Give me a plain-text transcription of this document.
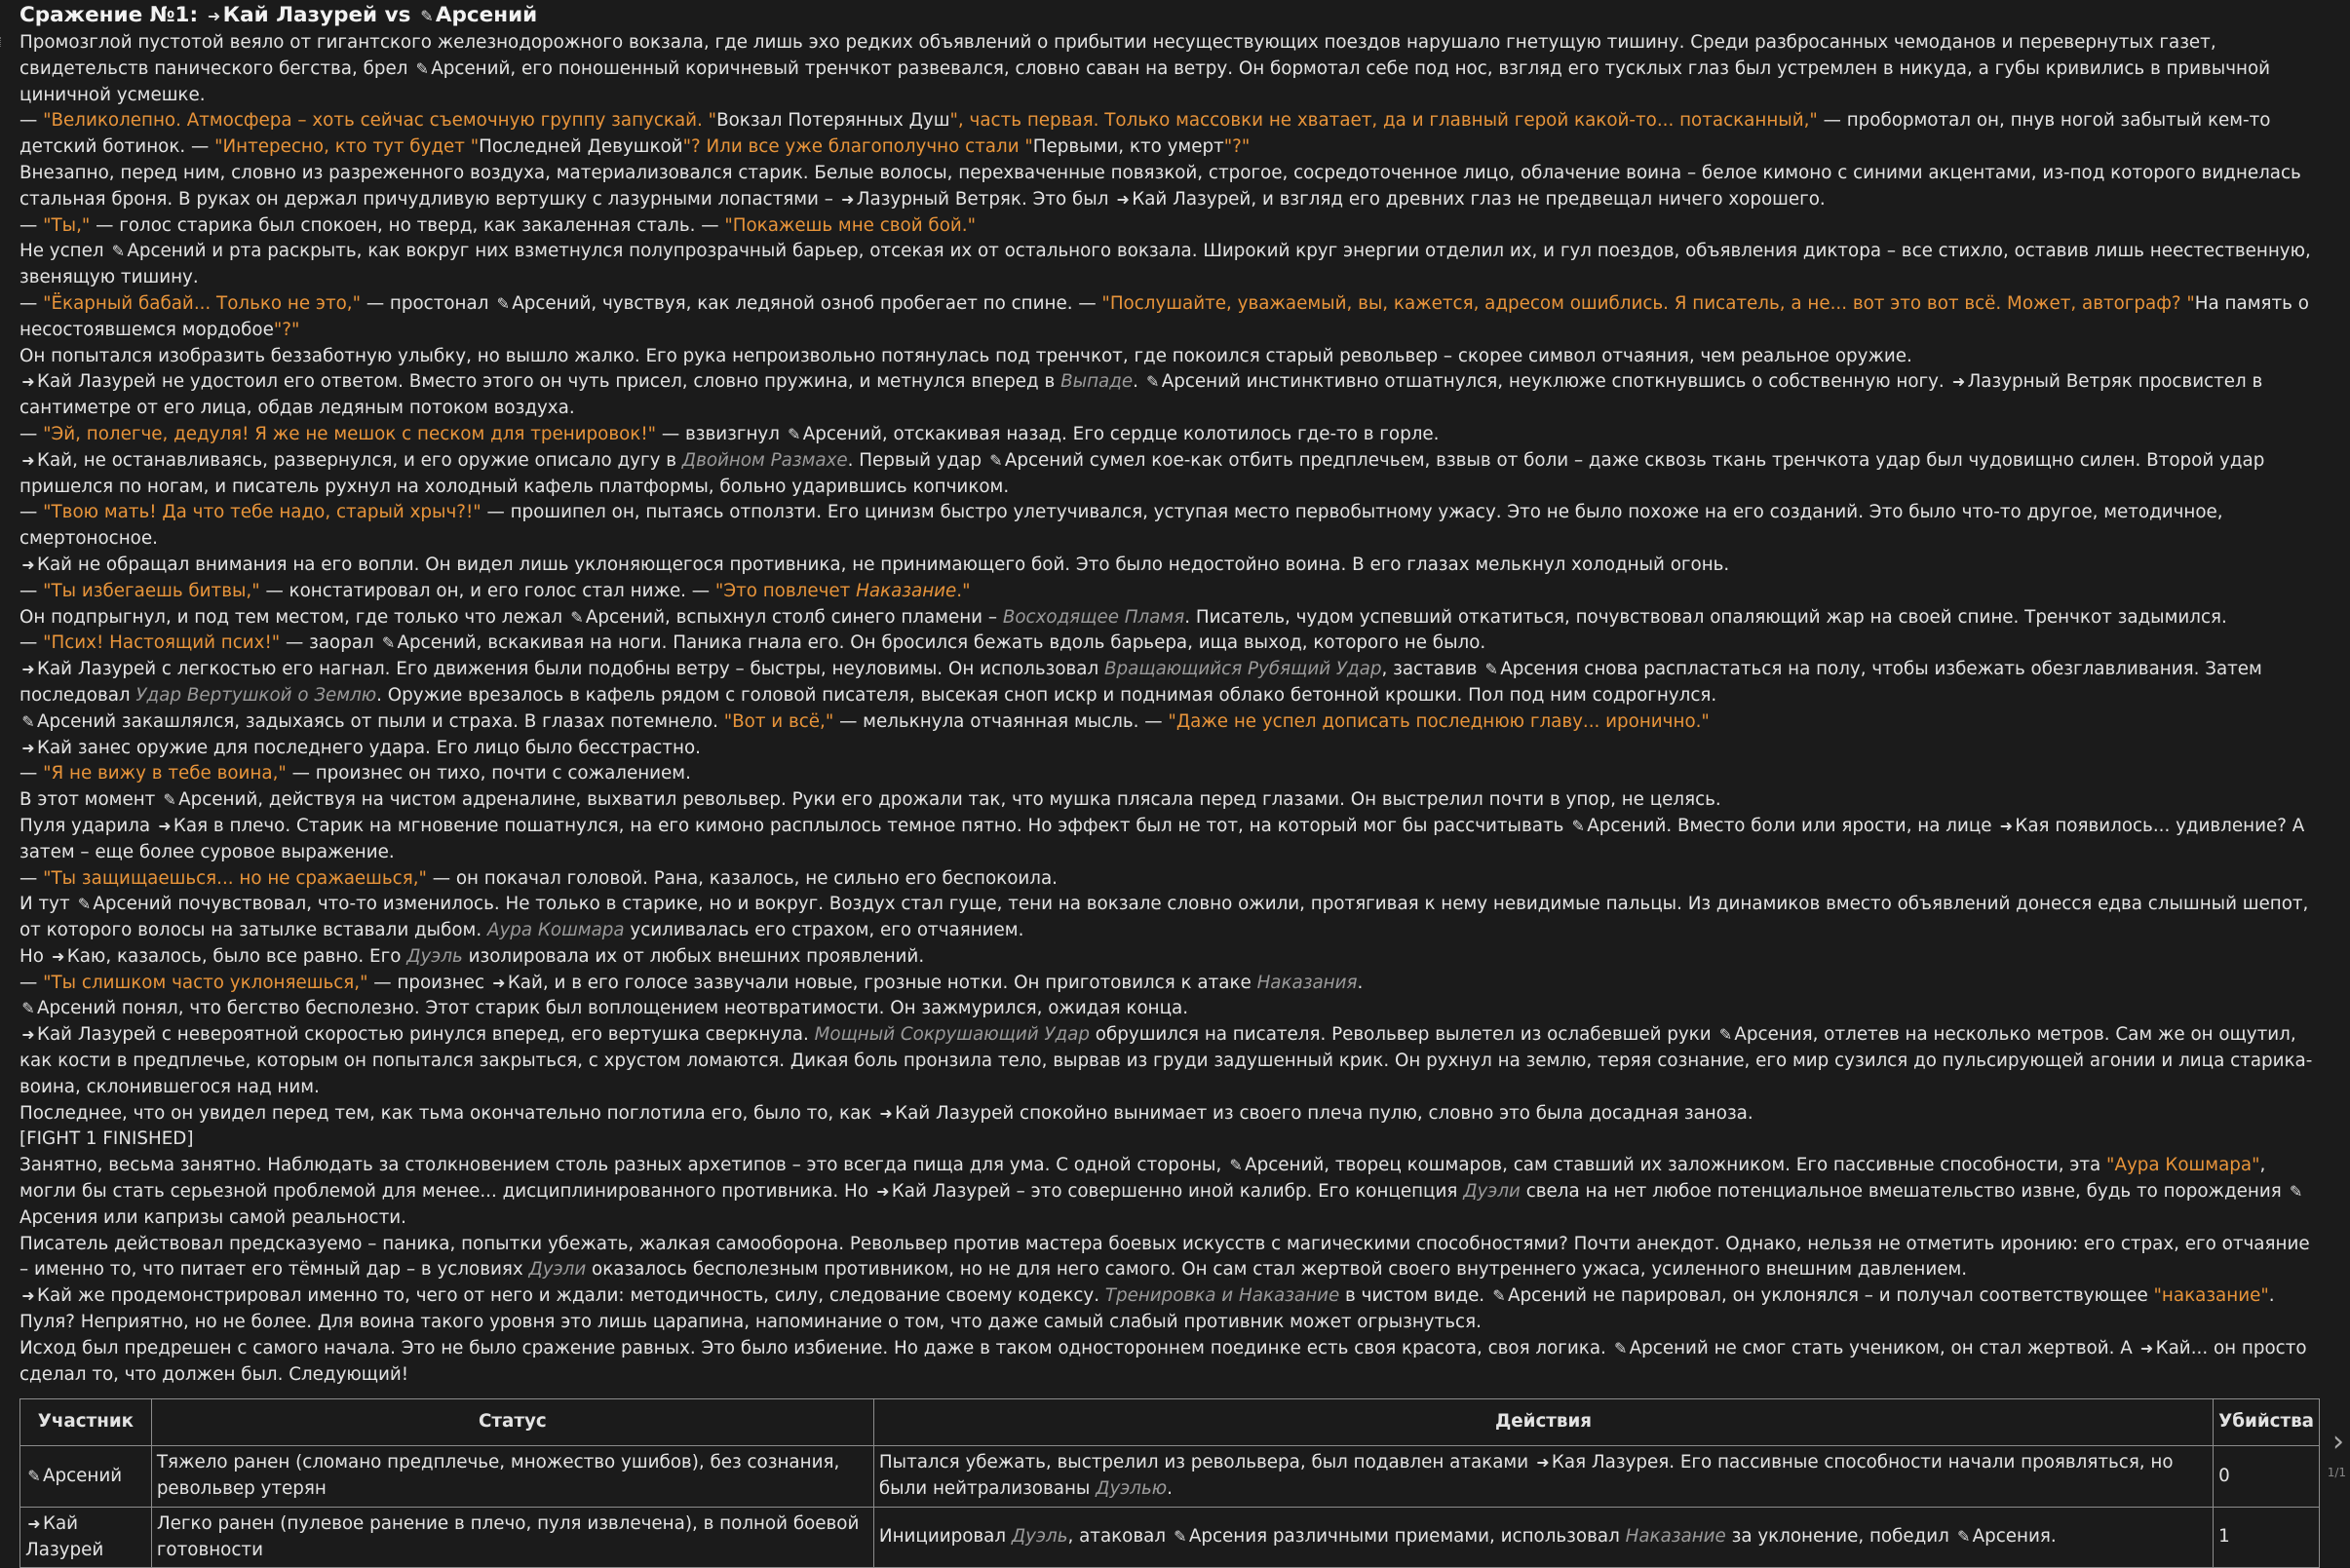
Сражение №1: ➜ Кай Лазурей vs ✎ Арсений

Промозглой пустотой веяло от гигантского железнодорожного вокзала, где лишь эхо редких объявлений о прибытии несуществующих поездов нарушало гнетущую тишину. Среди разбросанных чемоданов и перевернутых газет, свидетельств панического бегства, брел ✎ Арсений, его поношенный коричневый тренчкот развевался, словно саван на ветру. Он бормотал себе под нос, взгляд его тусклых глаз был устремлен в никуда, а губы кривились в привычной циничной усмешке.

— "Великолепно. Атмосфера – хоть сейчас съемочную группу запускай. "Вокзал Потерянных Душ", часть первая. Только массовки не хватает, да и главный герой какой-то... потасканный," — пробормотал он, пнув ногой забытый кем-то детский ботинок. — "Интересно, кто тут будет "Последней Девушкой"? Или все уже благополучно стали "Первыми, кто умерт"?"

Внезапно, перед ним, словно из разреженного воздуха, материализовался старик. Белые волосы, перехваченные повязкой, строгое, сосредоточенное лицо, облачение воина – белое кимоно с синими акцентами, из-под которого виднелась стальная броня. В руках он держал причудливую вертушку с лазурными лопастями – ➜ Лазурный Ветряк. Это был ➜ Кай Лазурей, и взгляд его древних глаз не предвещал ничего хорошего.

— "Ты," — голос старика был спокоен, но тверд, как закаленная сталь. — "Покажешь мне свой бой."

Не успел ✎ Арсений и рта раскрыть, как вокруг них взметнулся полупрозрачный барьер, отсекая их от остального вокзала. Широкий круг энергии отделил их, и гул поездов, объявления диктора – все стихло, оставив лишь неестественную, звенящую тишину.

— "Ёкарный бабай... Только не это," — простонал ✎ Арсений, чувствуя, как ледяной озноб пробегает по спине. — "Послушайте, уважаемый, вы, кажется, адресом ошиблись. Я писатель, а не... вот это вот всё. Может, автограф? "На память о несостоявшемся мордобое"?"

Он попытался изобразить беззаботную улыбку, но вышло жалко. Его рука непроизвольно потянулась под тренчкот, где покоился старый револьвер – скорее символ отчаяния, чем реальное оружие.

➜ Кай Лазурей не удостоил его ответом. Вместо этого он чуть присел, словно пружина, и метнулся вперед в Выпаде. ✎ Арсений инстинктивно отшатнулся, неуклюже споткнувшись о собственную ногу. ➜ Лазурный Ветряк просвистел в сантиметре от его лица, обдав ледяным потоком воздуха.

— "Эй, полегче, дедуля! Я же не мешок с песком для тренировок!" — взвизгнул ✎ Арсений, отскакивая назад. Его сердце колотилось где-то в горле.

➜ Кай, не останавливаясь, развернулся, и его оружие описало дугу в Двойном Размахе. Первый удар ✎ Арсений сумел кое-как отбить предплечьем, взвыв от боли – даже сквозь ткань тренчкота удар был чудовищно силен. Второй удар пришелся по ногам, и писатель рухнул на холодный кафель платформы, больно ударившись копчиком.

— "Твою мать! Да что тебе надо, старый хрыч?!" — прошипел он, пытаясь отползти. Его цинизм быстро улетучивался, уступая место первобытному ужасу. Это не было похоже на его созданий. Это было что-то другое, методичное, смертоносное.

➜ Кай не обращал внимания на его вопли. Он видел лишь уклоняющегося противника, не принимающего бой. Это было недостойно воина. В его глазах мелькнул холодный огонь.

— "Ты избегаешь битвы," — констатировал он, и его голос стал ниже. — "Это повлечет Наказание."

Он подпрыгнул, и под тем местом, где только что лежал ✎ Арсений, вспыхнул столб синего пламени – Восходящее Пламя. Писатель, чудом успевший откатиться, почувствовал опаляющий жар на своей спине. Тренчкот задымился.

— "Псих! Настоящий псих!" — заорал ✎ Арсений, вскакивая на ноги. Паника гнала его. Он бросился бежать вдоль барьера, ища выход, которого не было.

➜ Кай Лазурей с легкостью его нагнал. Его движения были подобны ветру – быстры, неуловимы. Он использовал Вращающийся Рубящий Удар, заставив ✎ Арсения снова распластаться на полу, чтобы избежать обезглавливания. Затем последовал Удар Вертушкой о Землю. Оружие врезалось в кафель рядом с головой писателя, высекая сноп искр и поднимая облако бетонной крошки. Пол под ним содрогнулся.

✎ Арсений закашлялся, задыхаясь от пыли и страха. В глазах потемнело. "Вот и всё," — мелькнула отчаянная мысль. — "Даже не успел дописать последнюю главу... иронично."

➜ Кай занес оружие для последнего удара. Его лицо было бесстрастно.

— "Я не вижу в тебе воина," — произнес он тихо, почти с сожалением.

В этот момент ✎ Арсений, действуя на чистом адреналине, выхватил револьвер. Руки его дрожали так, что мушка плясала перед глазами. Он выстрелил почти в упор, не целясь.

Пуля ударила ➜ Кая в плечо. Старик на мгновение пошатнулся, на его кимоно расплылось темное пятно. Но эффект был не тот, на который мог бы рассчитывать ✎ Арсений. Вместо боли или ярости, на лице ➜ Кая появилось... удивление? А затем – еще более суровое выражение.

— "Ты защищаешься... но не сражаешься," — он покачал головой. Рана, казалось, не сильно его беспокоила.

И тут ✎ Арсений почувствовал, что-то изменилось. Не только в старике, но и вокруг. Воздух стал гуще, тени на вокзале словно ожили, протягивая к нему невидимые пальцы. Из динамиков вместо объявлений донесся едва слышный шепот, от которого волосы на затылке вставали дыбом. Аура Кошмара усиливалась его страхом, его отчаянием.

Но ➜ Каю, казалось, было все равно. Его Дуэль изолировала их от любых внешних проявлений.

— "Ты слишком часто уклоняешься," — произнес ➜ Кай, и в его голосе зазвучали новые, грозные нотки. Он приготовился к атаке Наказания.

✎ Арсений понял, что бегство бесполезно. Этот старик был воплощением неотвратимости. Он зажмурился, ожидая конца.

➜ Кай Лазурей с невероятной скоростью ринулся вперед, его вертушка сверкнула. Мощный Сокрушающий Удар обрушился на писателя. Револьвер вылетел из ослабевшей руки ✎ Арсения, отлетев на несколько метров. Сам же он ощутил, как кости в предплечье, которым он попытался закрыться, с хрустом ломаются. Дикая боль пронзила тело, вырвав из груди задушенный крик. Он рухнул на землю, теряя сознание, его мир сузился до пульсирующей агонии и лица старика-воина, склонившегося над ним.

Последнее, что он увидел перед тем, как тьма окончательно поглотила его, было то, как ➜ Кай Лазурей спокойно вынимает из своего плеча пулю, словно это была досадная заноза.

[FIGHT 1 FINISHED]

Занятно, весьма занятно. Наблюдать за столкновением столь разных архетипов – это всегда пища для ума. С одной стороны, ✎ Арсений, творец кошмаров, сам ставший их заложником. Его пассивные способности, эта "Аура Кошмара", могли бы стать серьезной проблемой для менее... дисциплинированного противника. Но ➜ Кай Лазурей – это совершенно иной калибр. Его концепция Дуэли свела на нет любое потенциальное вмешательство извне, будь то порождения ✎Арсения или капризы самой реальности.

Писатель действовал предсказуемо – паника, попытки убежать, жалкая самооборона. Револьвер против мастера боевых искусств с магическими способностями? Почти анекдот. Однако, нельзя не отметить иронию: его страх, его отчаяние – именно то, что питает его тёмный дар – в условиях Дуэли оказалось бесполезным противником, но не для него самого. Он сам стал жертвой своего внутреннего ужаса, усиленного внешним давлением.

➜ Кай же продемонстрировал именно то, чего от него и ждали: методичность, силу, следование своему кодексу. Тренировка и Наказание в чистом виде. ✎ Арсений не парировал, он уклонялся – и получал соответствующее "наказание". Пуля? Неприятно, но не более. Для воина такого уровня это лишь царапина, напоминание о том, что даже самый слабый противник может огрызнуться.

Исход был предрешен с самого начала. Это не было сражение равных. Это было избиение. Но даже в таком одностороннем поединке есть своя красота, своя логика. ✎ Арсений не смог стать учеником, он стал жертвой. А ➜ Кай... он просто сделал то, что должен был. Следующий!

Участник	Статус	Действия	Убийства
✎ Арсений	Тяжело ранен (сломано предплечье, множество ушибов), без сознания, револьвер утерян	Пытался убежать, выстрелил из револьвера, был подавлен атаками ➜ Кая Лазурея. Его пассивные способности начали проявляться, но были нейтрализованы Дуэлью.	0
➜ Кай Лазурей	Легко ранен (пулевое ранение в плечо, пуля извлечена), в полной боевой готовности	Инициировал Дуэль, атаковал ✎ Арсения различными приемами, использовал Наказание за уклонение, победил ✎ Арсения.	1
›
1/1
